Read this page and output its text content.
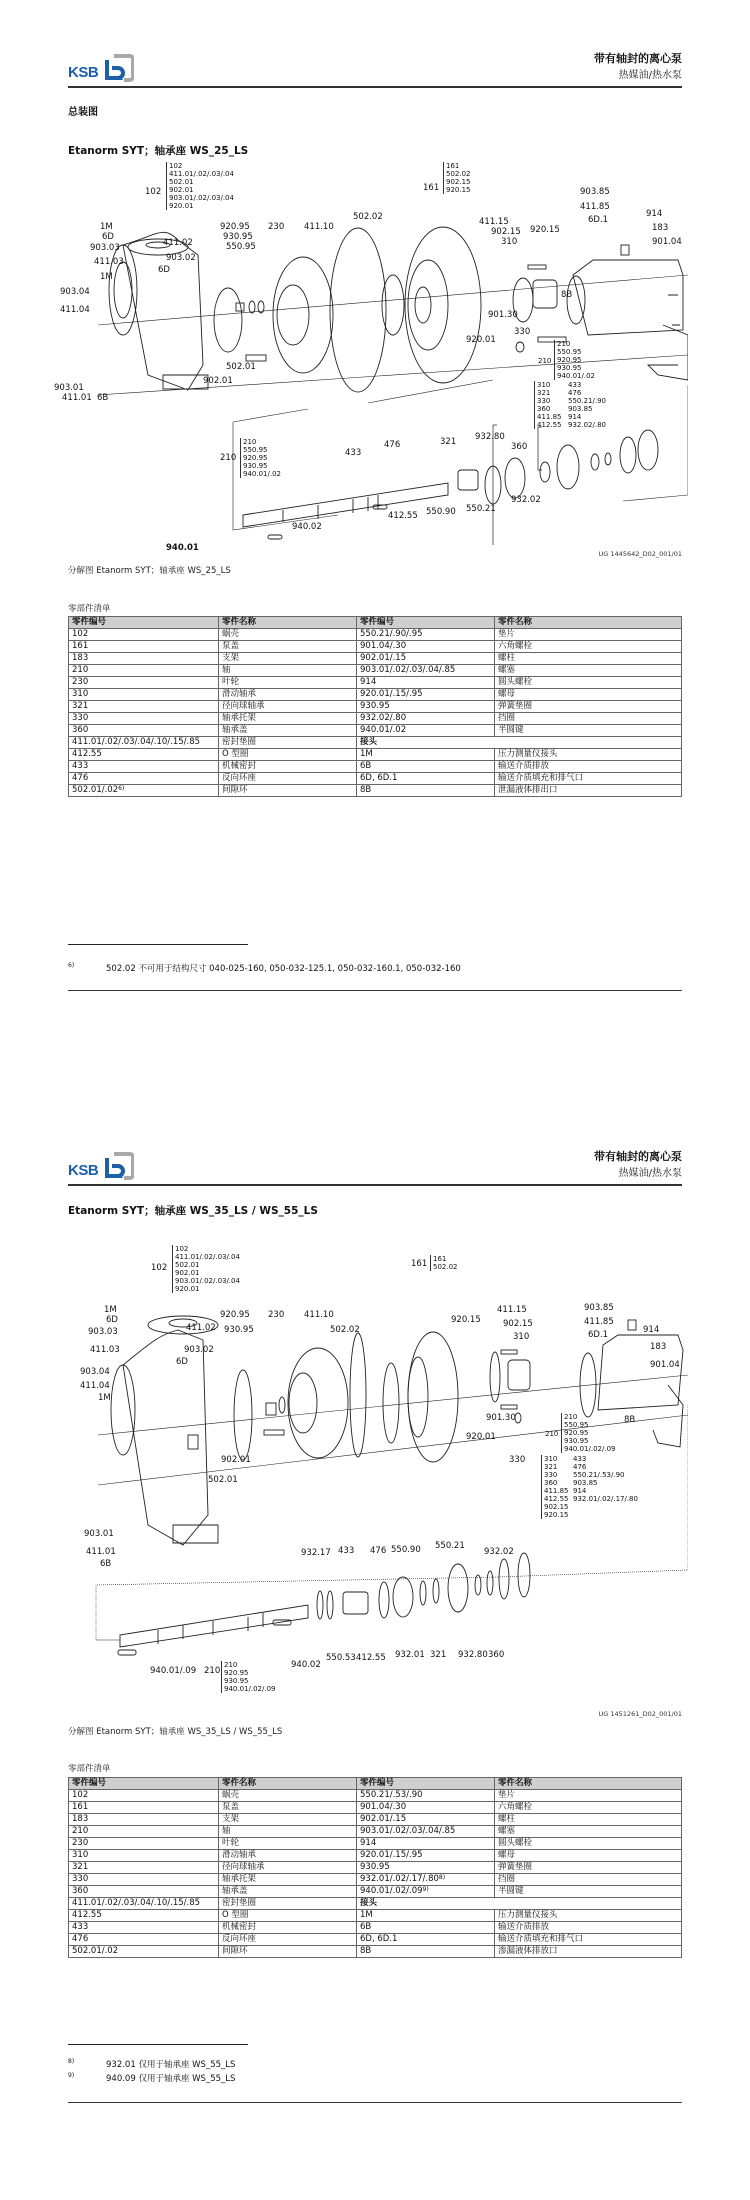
KSB
带有轴封的离心泵
热媒油/热水泵
总装图
Etanorm SYT；轴承座 WS_25_LS
102
411.01/.02/.03/.04
502.01
902.01
903.01/.02/.03/.04
920.01
102
161
502.02
902.15
920.15
161
1M
6D
903.03
411.03
1M
903.04
411.04
903.01
411.01 6B
411.02
903.02
6D
920.95
930.95
550.95
230 411.10
502.02
502.01
902.01
411.15
902.15
310
920.15
903.85
411.85
6D.1
914
183
901.04
8B
901.30
920.01
330
210
210
550.95
920.95
930.95
940.01/.02
310
321
330
360
411.85
412.55
433
476
550.21/.90
903.85
914
932.02/.80
210
550.95
920.95
930.95
940.01/.02
210	433
476	321 932.80
360
412.55 550.90 550.21
932.02
940.02
940.01
UG 1445642_D02_001/01
分解图 Etanorm SYT；轴承座 WS_25_LS
零部件清单
零件编号	零件名称	零件编号	零件名称
102	蜗壳	550.21/.90/.95	垫片
161	泵盖	901.04/.30	六角螺栓
183	支架	902.01/.15	螺柱
210	轴	903.01/.02/.03/.04/.85	螺塞
230	叶轮	914	圆头螺栓
310	滑动轴承	920.01/.15/.95	螺母
321	径向球轴承	930.95	弹簧垫圈
330	轴承托架	932.02/.80	挡圈
360	轴承盖	940.01/.02	半圆键
411.01/.02/.03/.04/.10/.15/.85	密封垫圈	接头	
412.55	O 型圈	1M	压力测量仪接头
433	机械密封	6B	输送介质排放
476	反向环座	6D, 6D.1	输送介质填充和排气口
502.01/.02$^{6)}$	间隙环	8B	泄漏液体排出口
6)	502.02 不可用于结构尺寸 040-025-160, 050-032-125.1, 050-032-160.1, 050-032-160
KSB
带有轴封的离心泵
热媒油/热水泵
Etanorm SYT；轴承座 WS_35_LS / WS_55_LS
102
411.01/.02/.03/.04
502.01
902.01
903.01/.02/.03/.04
920.01
102
161
502.02
161
1M
6D
903.03
411.03
903.04
411.04
1M
903.01
411.01
6B
411.02
903.02
6D
920.95
930.95
230 411.10
502.02
902.01
502.01
920.15
411.15
902.15
310
903.85
411.85
6D.1	914
183
901.04
8B
901.30
920.01
330
210
210
550.95
920.95
930.95
940.01/.02/.09
310
321
330
360
411.85
412.55
902.15
920.15
433
476
550.21/.53/.90
903.85
914
932.01/.02/.17/.80
932.17 433 476 550.90 550.21
932.02
940.01/.09 210
940.02
550.53 412.55 932.01 321 932.80 360
210
920.95
930.95
940.01/.02/.09
UG 1451261_D02_001/01
分解图 Etanorm SYT；轴承座 WS_35_LS / WS_55_LS
零部件清单
零件编号	零件名称	零件编号	零件名称
102	蜗壳	550.21/.53/.90	垫片
161	泵盖	901.04/.30	六角螺栓
183	支架	902.01/.15	螺柱
210	轴	903.01/.02/.03/.04/.85	螺塞
230	叶轮	914	圆头螺栓
310	滑动轴承	920.01/.15/.95	螺母
321	径向球轴承	930.95	弹簧垫圈
330	轴承托架	932.01/.02/.17/.80$^{8)}$	挡圈
360	轴承盖	940.01/.02/.09$^{9)}$	半圆键
411.01/.02/.03/.04/.10/.15/.85	密封垫圈	接头	
412.55	O 型圈	1M	压力测量仪接头
433	机械密封	6B	输送介质排放
476	反向环座	6D, 6D.1	输送介质填充和排气口
502.01/.02	间隙环	8B	渗漏液体排放口
8)	932.01 仅用于轴承座 WS_55_LS
9)	940.09 仅用于轴承座 WS_55_LS
